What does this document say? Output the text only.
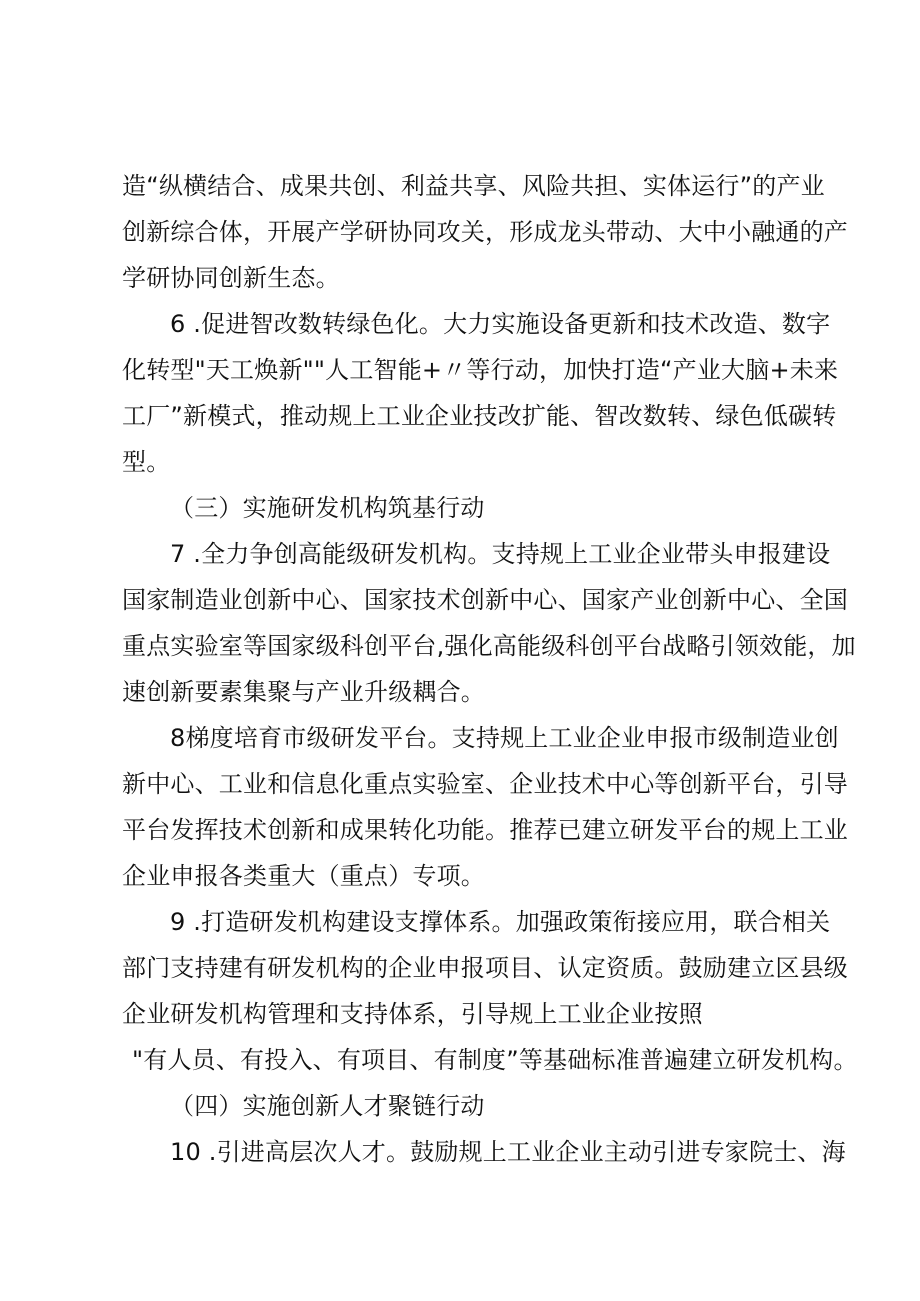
造“纵横结合、成果共创、利益共享、风险共担、实体运行”的产业
创新综合体，开展产学研协同攻关，形成龙头带动、大中小融通的产
学研协同创新生态。
6 .促进智改数转绿色化。大力实施设备更新和技术改造、数字
化转型"天工焕新""人工智能+〃等行动，加快打造“产业大脑+未来
工厂”新模式，推动规上工业企业技改扩能、智改数转、绿色低碳转
型。
（三）实施研发机构筑基行动
7 .全力争创高能级研发机构。支持规上工业企业带头申报建设
国家制造业创新中心、国家技术创新中心、国家产业创新中心、全国
重点实验室等国家级科创平台,强化高能级科创平台战略引领效能，加
速创新要素集聚与产业升级耦合。
8梯度培育市级研发平台。支持规上工业企业申报市级制造业创
新中心、工业和信息化重点实验室、企业技术中心等创新平台，引导
平台发挥技术创新和成果转化功能。推荐已建立研发平台的规上工业
企业申报各类重大（重点）专项。
9 .打造研发机构建设支撑体系。加强政策衔接应用，联合相关
部门支持建有研发机构的企业申报项目、认定资质。鼓励建立区县级
企业研发机构管理和支持体系，引导规上工业企业按照
"有人员、有投入、有项目、有制度”等基础标准普遍建立研发机构。
（四）实施创新人才聚链行动
10 .引进高层次人才。鼓励规上工业企业主动引进专家院士、海
